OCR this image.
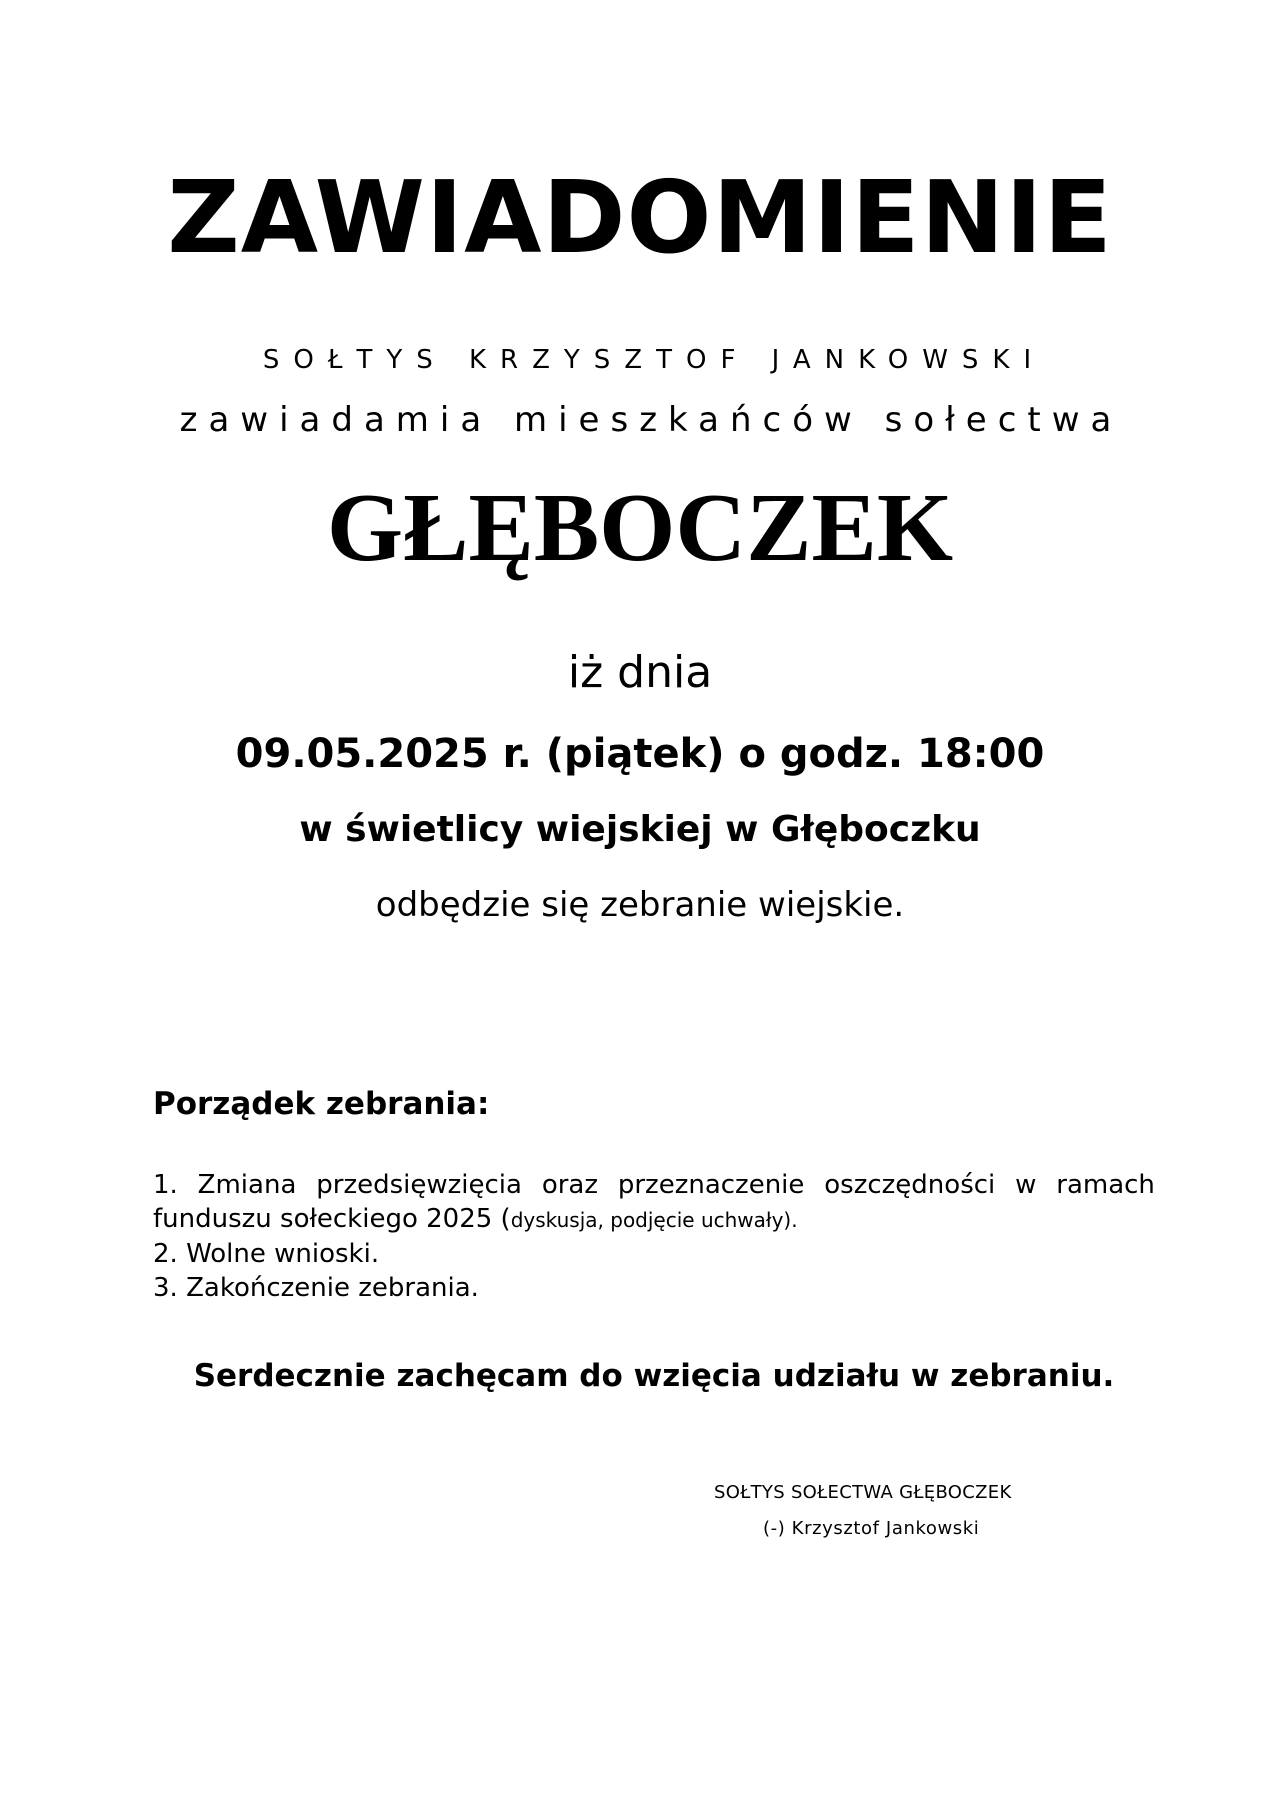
ZAWIADOMIENIE
SOŁTYS KRZYSZTOF JANKOWSKI
zawiadamia mieszkańców sołectwa
GŁĘBOCZEK
iż dnia
09.05.2025 r. (piątek) o godz. 18:00
w świetlicy wiejskiej w Głęboczku
odbędzie się zebranie wiejskie.
Porządek zebrania:
1. Zmiana przedsięwzięcia oraz przeznaczenie oszczędności w ramach
funduszu sołeckiego 2025 (dyskusja, podjęcie uchwały).
2. Wolne wnioski.
3. Zakończenie zebrania.
Serdecznie zachęcam do wzięcia udziału w zebraniu.
SOŁTYS SOŁECTWA GŁĘBOCZEK
(-) Krzysztof Jankowski
